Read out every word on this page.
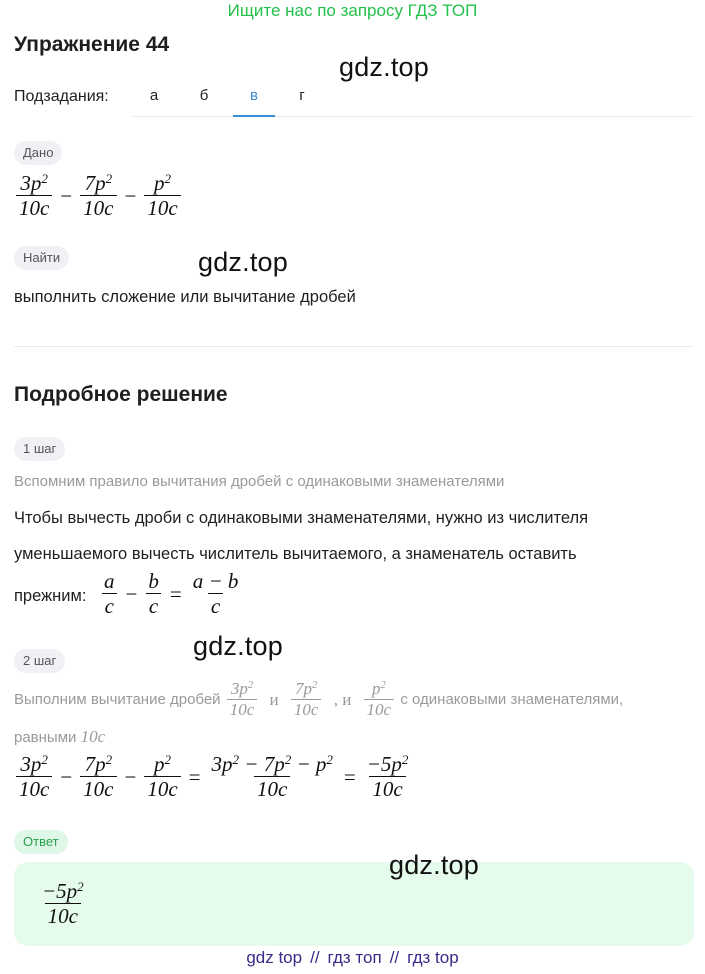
Ищите нас по запросу ГДЗ ТОП
Упражнение 44
gdz.top
Подзадания:	а	б	в	г
Дано
$\frac{3p^2}{10c} - \frac{7p^2}{10c} - \frac{p^2}{10c}$
Найти	gdz.top
выполнить сложение или вычитание дробей
Подробное решение
1 шаг
Вспомним правило вычитания дробей с одинаковыми знаменателями
Чтобы вычесть дроби с одинаковыми знаменателями, нужно из числителя
уменьшаемого вычесть числитель вычитаемого, а знаменатель оставить
прежним: $\frac{a}{c} - \frac{b}{c} = \frac{a - b}{c}$
gdz.top
2 шаг
Выполним вычитание дробей $\frac{3p^2}{10c}$ и $\frac{7p^2}{10c}$ , и $\frac{p^2}{10c}$ с одинаковыми знаменателями,
равными 10c
$\frac{3p^2}{10c} - \frac{7p^2}{10c} - \frac{p^2}{10c} = \frac{3p^2 - 7p^2 - p^2}{10c} = \frac{-5p^2}{10c}$
Ответ
gdz.top
$\frac{-5p^2}{10c}$
gdz top // гдз топ // гдз top
